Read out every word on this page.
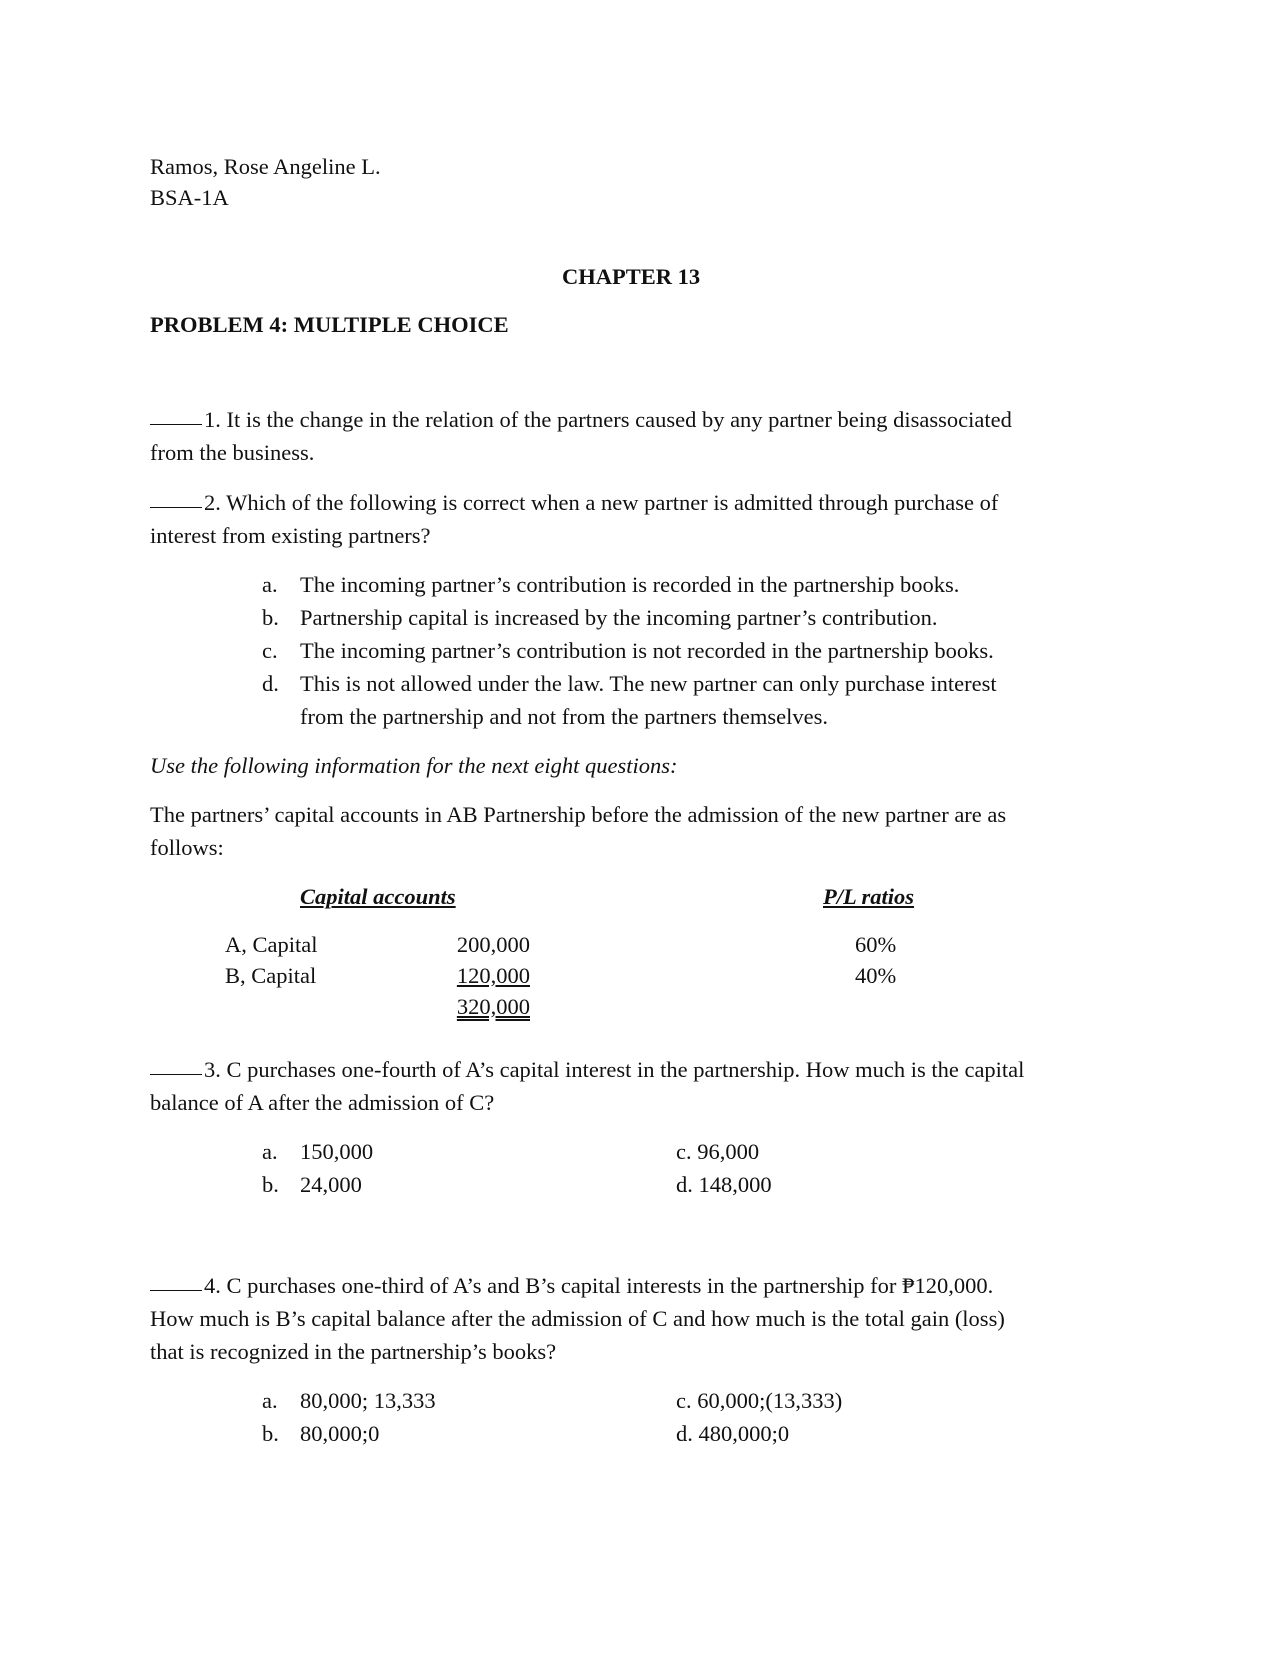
Ramos, Rose Angeline L.

BSA-1A

CHAPTER 13

PROBLEM 4: MULTIPLE CHOICE

1. It is the change in the relation of the partners caused by any partner being disassociated

from the business.

2. Which of the following is correct when a new partner is admitted through purchase of

interest from existing partners?

a. The incoming partner’s contribution is recorded in the partnership books.
b. Partnership capital is increased by the incoming partner’s contribution.
c. The incoming partner’s contribution is not recorded in the partnership books.
d. This is not allowed under the law. The new partner can only purchase interest

from the partnership and not from the partners themselves.

Use the following information for the next eight questions:

The partners’ capital accounts in AB Partnership before the admission of the new partner are as

follows:

Capital accounts	P/L ratios

A, Capital	200,000	60%

B, Capital	120,000	40%

320,000

3. C purchases one-fourth of A’s capital interest in the partnership. How much is the capital

balance of A after the admission of C?

a. 150,000
b. 24,000

c. 96,000

d. 148,000

4. C purchases one-third of A’s and B’s capital interests in the partnership for ₱120,000.

How much is B’s capital balance after the admission of C and how much is the total gain (loss)

that is recognized in the partnership’s books?

a. 80,000; 13,333
b. 80,000;0

c. 60,000;(13,333)

d. 480,000;0
